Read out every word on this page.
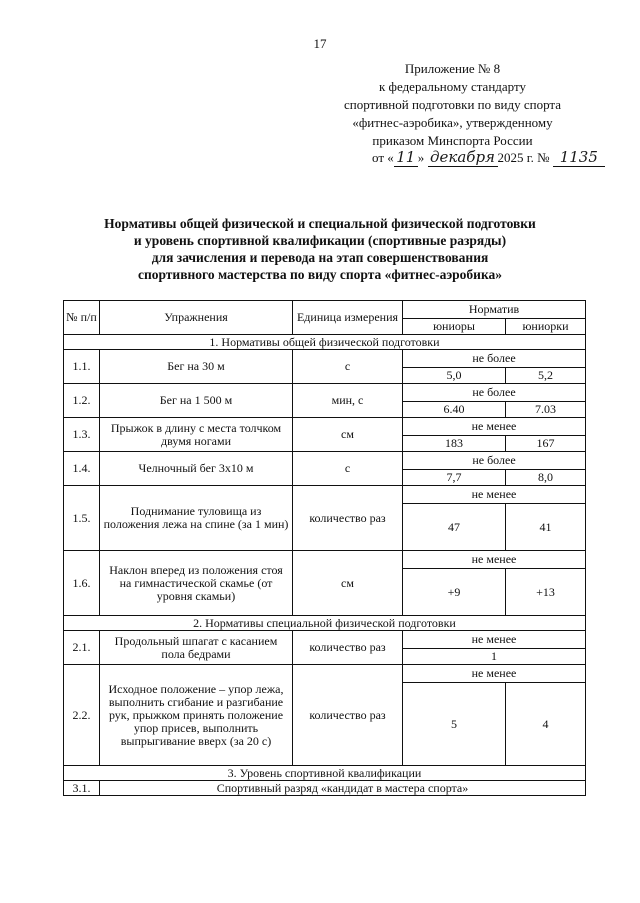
17
Приложение № 8
к федеральному стандарту
спортивной подготовки по виду спорта
«фитнес-аэробика», утвержденному
приказом Минспорта России
от « 11 » декабря 2025 г. № 1135
Нормативы общей физической и специальной физической подготовки
и уровень спортивной квалификации (спортивные разряды)
для зачисления и перевода на этап совершенствования
спортивного мастерства по виду спорта «фитнес-аэробика»
№ п/п	Упражнения	Единица измерения	Норматив	
			юниоры	юниорки
1. Нормативы общей физической подготовки				
1.1.	Бег на 30 м	с	не более	
			5,0	5,2
1.2.	Бег на 1 500 м	мин, с	не более	
			6.40	7.03
1.3.	Прыжок в длину с места толчком двумя ногами	см	не менее	
			183	167
1.4.	Челночный бег 3х10 м	с	не более	
			7,7	8,0
1.5.	Поднимание туловища из положения лежа на спине (за 1 мин)	количество раз	не менее	
			47	41
1.6.	Наклон вперед из положения стоя на гимнастической скамье (от уровня скамьи)	см	не менее	
			+9	+13
2. Нормативы специальной физической подготовки				
2.1.	Продольный шпагат с касанием пола бедрами	количество раз	не менее	
			1	
2.2.	Исходное положение – упор лежа, выполнить сгибание и разгибание рук, прыжком принять положение упор присев, выполнить выпрыгивание вверх (за 20 с)	количество раз	не менее	
			5	4
3. Уровень спортивной квалификации				
3.1.	Спортивный разряд «кандидат в мастера спорта»			
